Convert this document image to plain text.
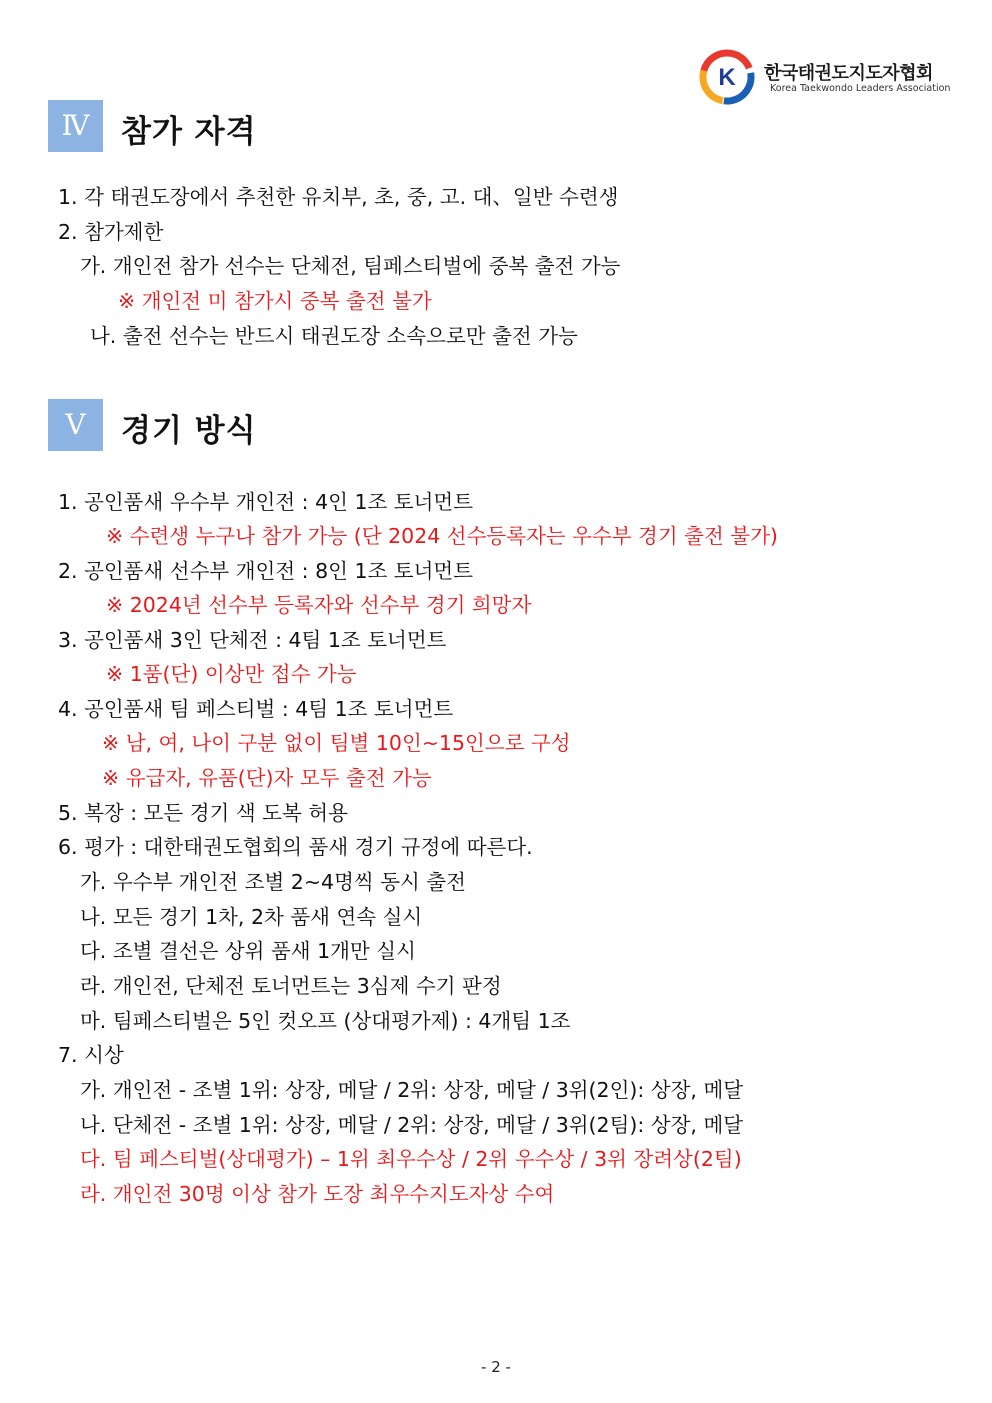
K 한국태권도지도자협회
Korea Taekwondo Leaders Association
Ⅳ	참가 자격
1. 각 태권도장에서 추천한 유치부, 초, 중, 고. 대、일반 수련생
2. 참가제한
가. 개인전 참가 선수는 단체전, 팀페스티벌에 중복 출전 가능
※ 개인전 미 참가시 중복 출전 불가
나. 출전 선수는 반드시 태권도장 소속으로만 출전 가능
Ⅴ	경기 방식
1. 공인품새 우수부 개인전 : 4인 1조 토너먼트
※ 수련생 누구나 참가 가능 (단 2024 선수등록자는 우수부 경기 출전 불가)
2. 공인품새 선수부 개인전 : 8인 1조 토너먼트
※ 2024년 선수부 등록자와 선수부 경기 희망자
3. 공인품새 3인 단체전 : 4팀 1조 토너먼트
※ 1품(단) 이상만 접수 가능
4. 공인품새 팀 페스티벌 : 4팀 1조 토너먼트
※ 남, 여, 나이 구분 없이 팀별 10인~15인으로 구성
※ 유급자, 유품(단)자 모두 출전 가능
5. 복장 : 모든 경기 색 도복 허용
6. 평가 : 대한태권도협회의 품새 경기 규정에 따른다.
가. 우수부 개인전 조별 2~4명씩 동시 출전
나. 모든 경기 1차, 2차 품새 연속 실시
다. 조별 결선은 상위 품새 1개만 실시
라. 개인전, 단체전 토너먼트는 3심제 수기 판정
마. 팀페스티벌은 5인 컷오프 (상대평가제) : 4개팀 1조
7. 시상
가. 개인전 - 조별 1위: 상장, 메달 / 2위: 상장, 메달 / 3위(2인): 상장, 메달
나. 단체전 - 조별 1위: 상장, 메달 / 2위: 상장, 메달 / 3위(2팀): 상장, 메달
다. 팀 페스티벌(상대평가) – 1위 최우수상 / 2위 우수상 / 3위 장려상(2팀)
라. 개인전 30명 이상 참가 도장 최우수지도자상 수여
- 2 -
